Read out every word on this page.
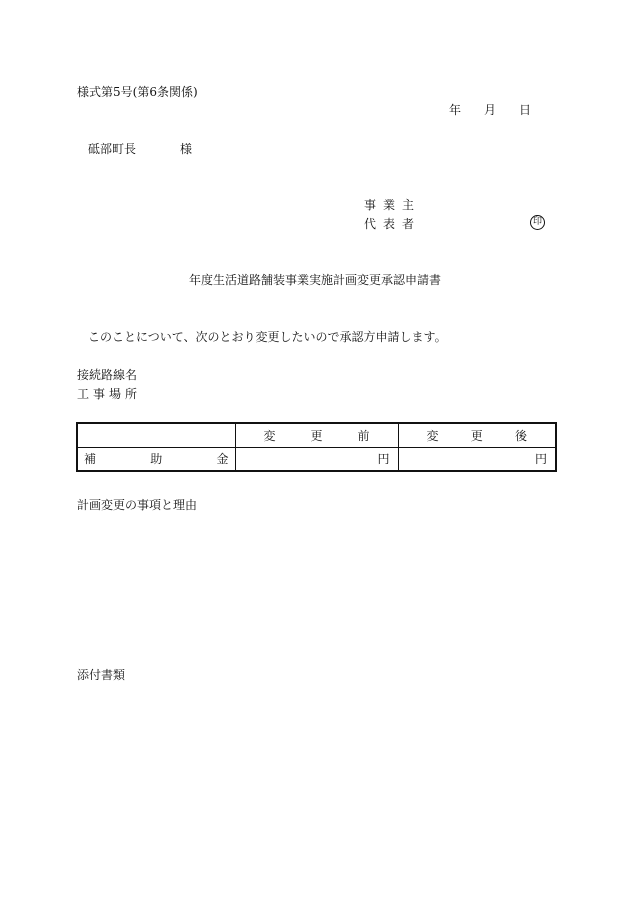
様式第5号(第6条関係)
年 月 日
砥部町長	様
事 業 主
代 表 者	印
年度生活道路舗装事業実施計画変更承認申請書
このことについて、次のとおり変更したいので承認方申請します。
接続路線名
工 事 場 所

	変 更 前	変 更 後

補 助 金	円	円
計画変更の事項と理由
添付書類
